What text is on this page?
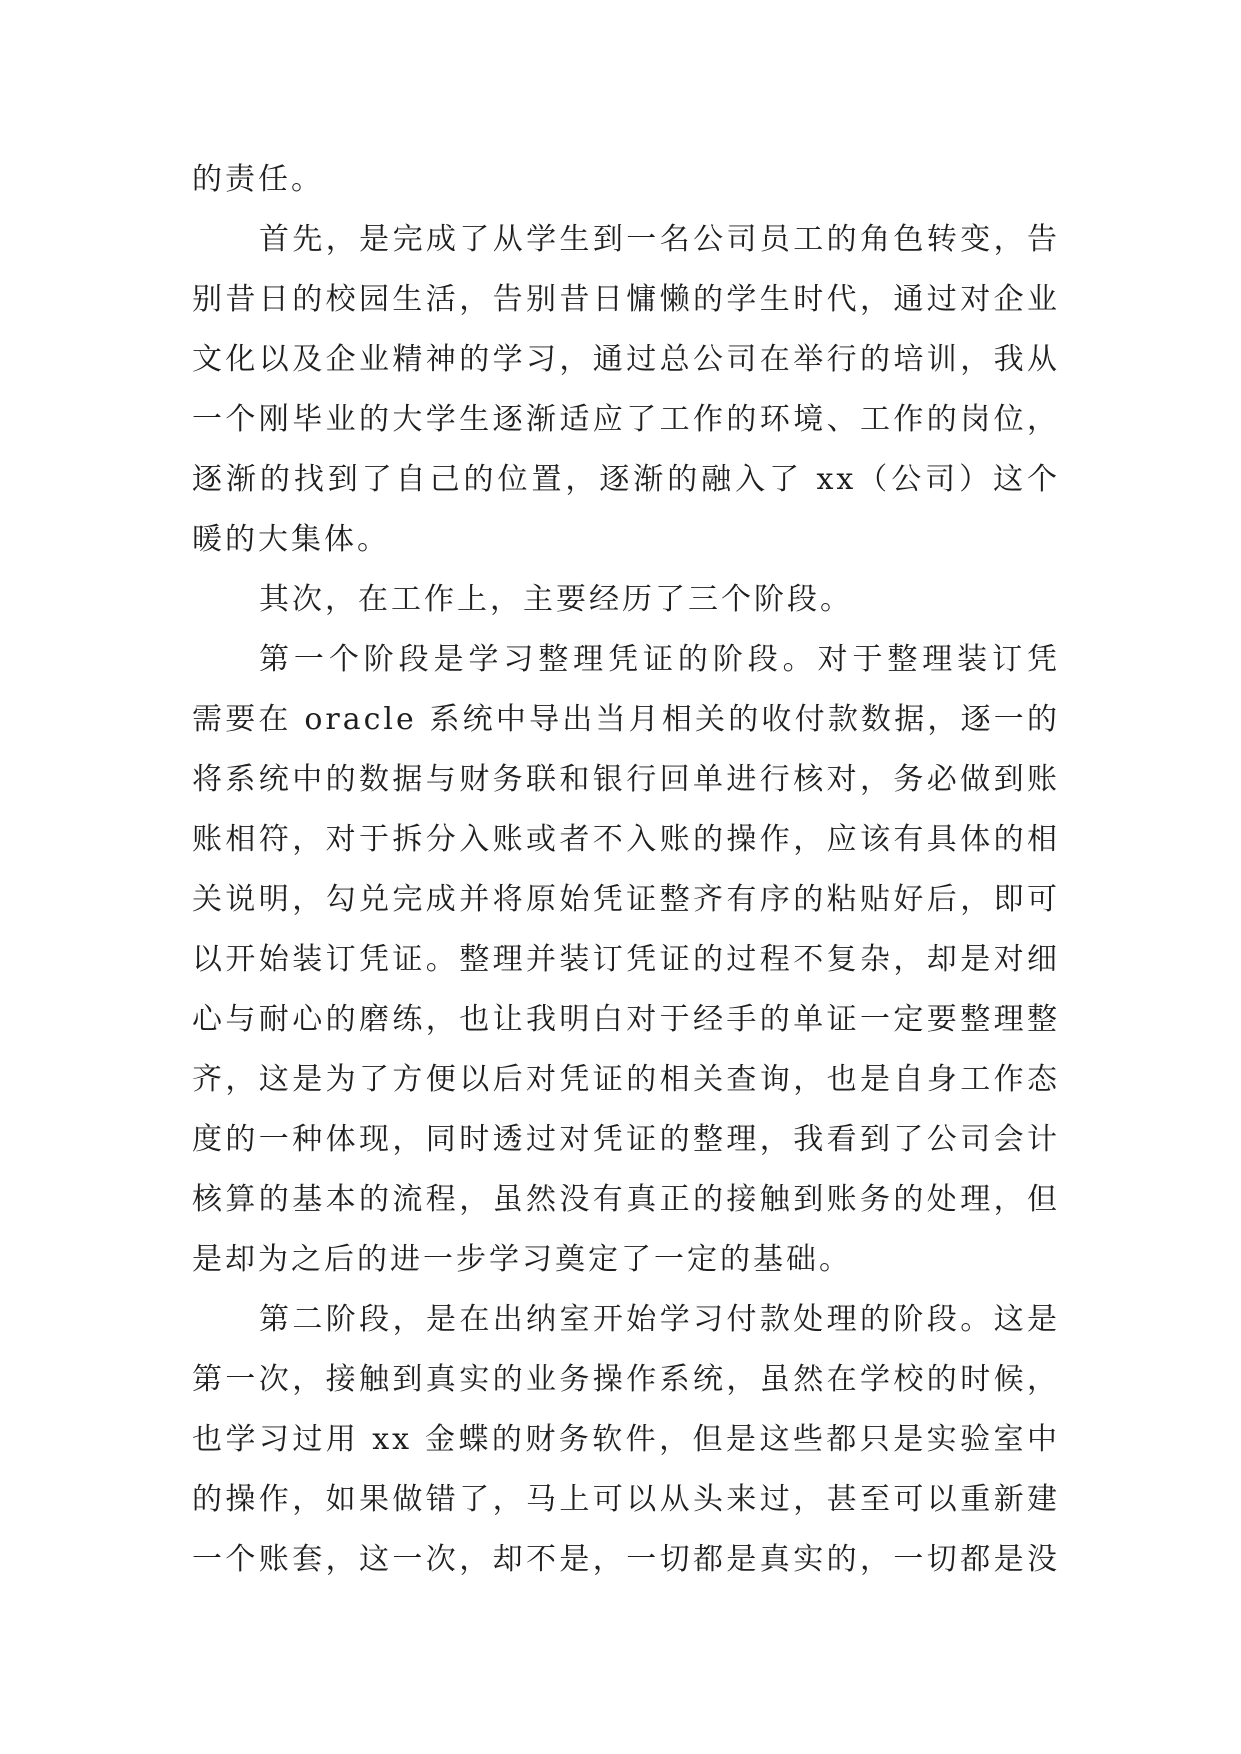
的责任。
首先，是完成了从学生到一名公司员工的角色转变，告
别昔日的校园生活，告别昔日慵懒的学生时代，通过对企业
文化以及企业精神的学习，通过总公司在举行的培训，我从
一个刚毕业的大学生逐渐适应了工作的环境、工作的岗位，
逐渐的找到了自己的位置，逐渐的融入了 xx（公司）这个
暖的大集体。
其次，在工作上，主要经历了三个阶段。
第一个阶段是学习整理凭证的阶段。对于整理装订凭
需要在 oracle 系统中导出当月相关的收付款数据，逐一的
将系统中的数据与财务联和银行回单进行核对，务必做到账
账相符，对于拆分入账或者不入账的操作，应该有具体的相
关说明，勾兑完成并将原始凭证整齐有序的粘贴好后，即可
以开始装订凭证。整理并装订凭证的过程不复杂，却是对细
心与耐心的磨练，也让我明白对于经手的单证一定要整理整
齐，这是为了方便以后对凭证的相关查询，也是自身工作态
度的一种体现，同时透过对凭证的整理，我看到了公司会计
核算的基本的流程，虽然没有真正的接触到账务的处理，但
是却为之后的进一步学习奠定了一定的基础。
第二阶段，是在出纳室开始学习付款处理的阶段。这是
第一次，接触到真实的业务操作系统，虽然在学校的时候，
也学习过用 xx 金蝶的财务软件，但是这些都只是实验室中
的操作，如果做错了，马上可以从头来过，甚至可以重新建
一个账套，这一次，却不是，一切都是真实的，一切都是没
